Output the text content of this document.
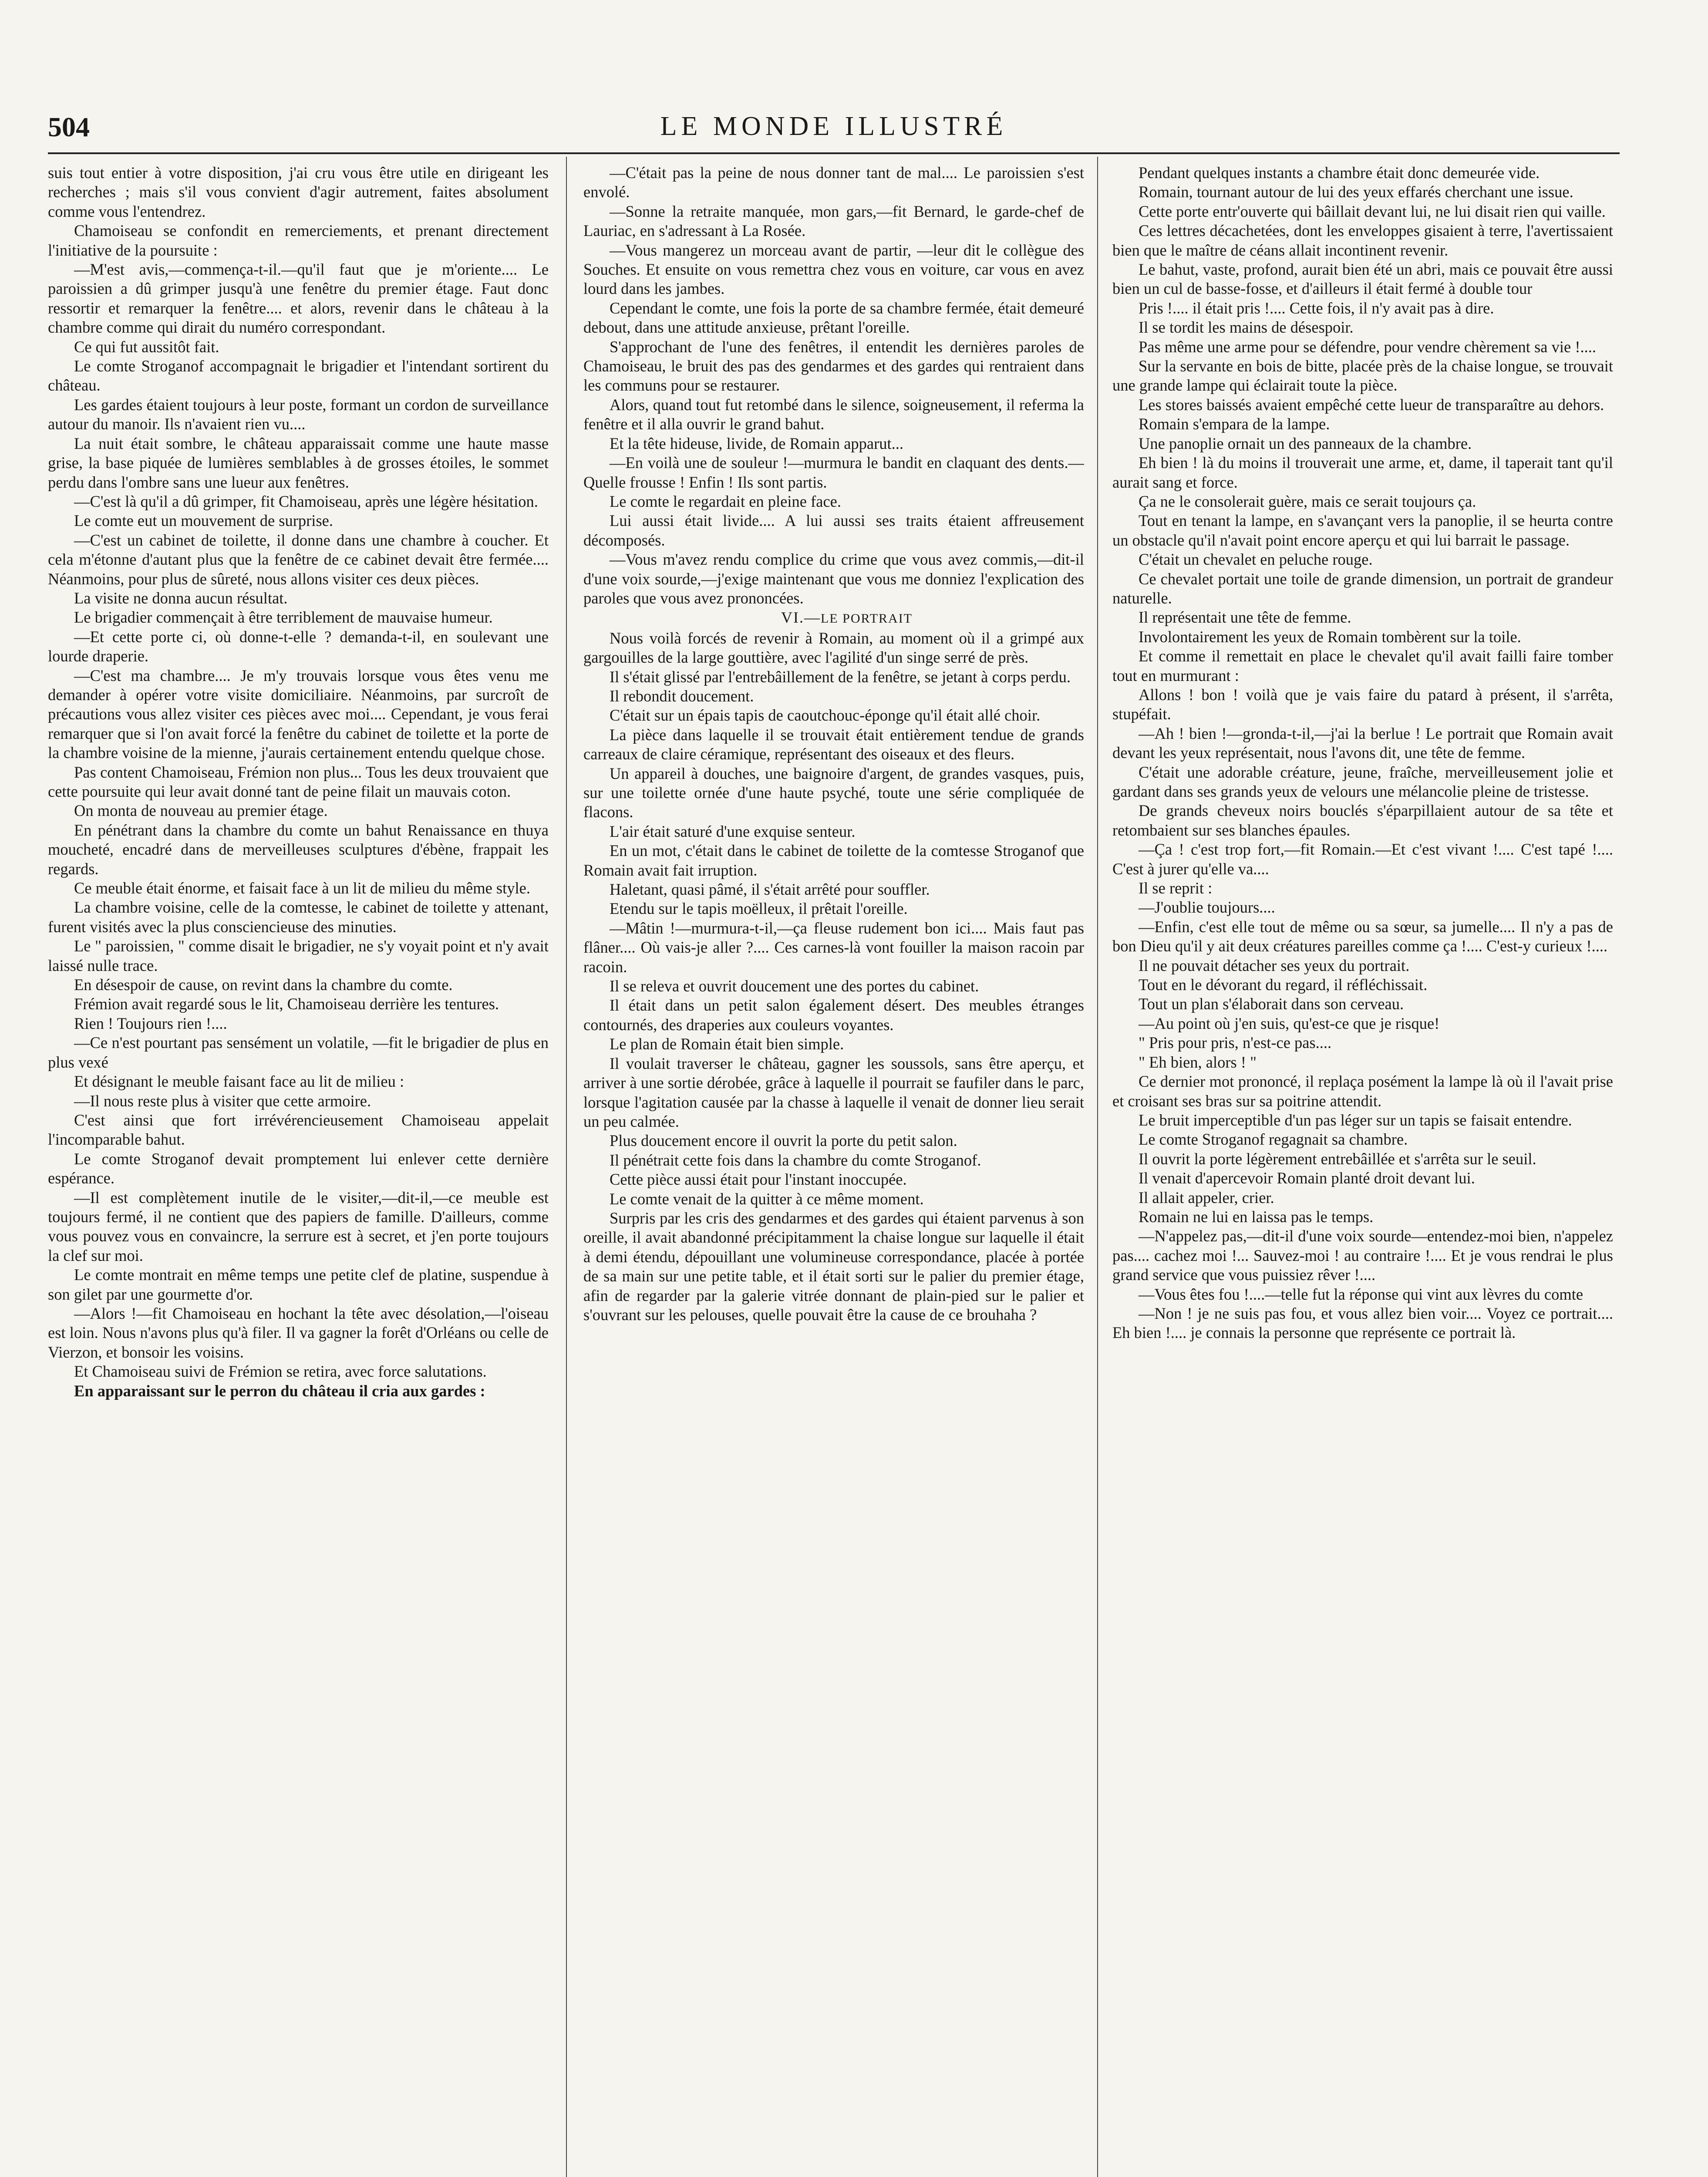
504	LE MONDE ILLUSTRÉ

suis tout entier à votre disposition, j'ai cru vous être utile en dirigeant les recherches ; mais s'il vous convient d'agir autrement, faites absolument comme vous l'entendrez.

Chamoiseau se confondit en remerciements, et prenant directement l'initiative de la poursuite :

—M'est avis,—commença-t-il.—qu'il faut que je m'oriente.... Le paroissien a dû grimper jusqu'à une fenêtre du premier étage. Faut donc ressortir et remarquer la fenêtre.... et alors, revenir dans le château à la chambre comme qui dirait du numéro correspondant.

Ce qui fut aussitôt fait.

Le comte Stroganof accompagnait le brigadier et l'intendant sortirent du château.

Les gardes étaient toujours à leur poste, formant un cordon de surveillance autour du manoir. Ils n'avaient rien vu....

La nuit était sombre, le château apparaissait comme une haute masse grise, la base piquée de lumières semblables à de grosses étoiles, le sommet perdu dans l'ombre sans une lueur aux fenêtres.

—C'est là qu'il a dû grimper, fit Chamoiseau, après une légère hésitation.

Le comte eut un mouvement de surprise.

—C'est un cabinet de toilette, il donne dans une chambre à coucher. Et cela m'étonne d'autant plus que la fenêtre de ce cabinet devait être fermée.... Néanmoins, pour plus de sûreté, nous allons visiter ces deux pièces.

La visite ne donna aucun résultat.

Le brigadier commençait à être terriblement de mauvaise humeur.

—Et cette porte ci, où donne-t-elle ? demanda-t-il, en soulevant une lourde draperie.

—C'est ma chambre.... Je m'y trouvais lorsque vous êtes venu me demander à opérer votre visite domiciliaire. Néanmoins, par surcroît de précautions vous allez visiter ces pièces avec moi.... Cependant, je vous ferai remarquer que si l'on avait forcé la fenêtre du cabinet de toilette et la porte de la chambre voisine de la mienne, j'aurais certainement entendu quelque chose.

Pas content Chamoiseau, Frémion non plus... Tous les deux trouvaient que cette poursuite qui leur avait donné tant de peine filait un mauvais coton.

On monta de nouveau au premier étage.

En pénétrant dans la chambre du comte un bahut Renaissance en thuya moucheté, encadré dans de merveilleuses sculptures d'ébène, frappait les regards.

Ce meuble était énorme, et faisait face à un lit de milieu du même style.

La chambre voisine, celle de la comtesse, le cabinet de toilette y attenant, furent visités avec la plus consciencieuse des minuties.

Le " paroissien, " comme disait le brigadier, ne s'y voyait point et n'y avait laissé nulle trace.

En désespoir de cause, on revint dans la chambre du comte.

Frémion avait regardé sous le lit, Chamoiseau derrière les tentures.

Rien ! Toujours rien !....

—Ce n'est pourtant pas sensément un volatile, —fit le brigadier de plus en plus vexé

Et désignant le meuble faisant face au lit de milieu :

—Il nous reste plus à visiter que cette armoire.

C'est ainsi que fort irrévérencieusement Chamoiseau appelait l'incomparable bahut.

Le comte Stroganof devait promptement lui enlever cette dernière espérance.

—Il est complètement inutile de le visiter,—dit-il,—ce meuble est toujours fermé, il ne contient que des papiers de famille. D'ailleurs, comme vous pouvez vous en convaincre, la serrure est à secret, et j'en porte toujours la clef sur moi.

Le comte montrait en même temps une petite clef de platine, suspendue à son gilet par une gourmette d'or.

—Alors !—fit Chamoiseau en hochant la tête avec désolation,—l'oiseau est loin. Nous n'avons plus qu'à filer. Il va gagner la forêt d'Orléans ou celle de Vierzon, et bonsoir les voisins.

Et Chamoiseau suivi de Frémion se retira, avec force salutations.

En apparaissant sur le perron du château il cria aux gardes :

—C'était pas la peine de nous donner tant de mal.... Le paroissien s'est envolé.

—Sonne la retraite manquée, mon gars,—fit Bernard, le garde-chef de Lauriac, en s'adressant à La Rosée.

—Vous mangerez un morceau avant de partir, —leur dit le collègue des Souches. Et ensuite on vous remettra chez vous en voiture, car vous en avez lourd dans les jambes.

Cependant le comte, une fois la porte de sa chambre fermée, était demeuré debout, dans une attitude anxieuse, prêtant l'oreille.

S'approchant de l'une des fenêtres, il entendit les dernières paroles de Chamoiseau, le bruit des pas des gendarmes et des gardes qui rentraient dans les communs pour se restaurer.

Alors, quand tout fut retombé dans le silence, soigneusement, il referma la fenêtre et il alla ouvrir le grand bahut.

Et la tête hideuse, livide, de Romain apparut...

—En voilà une de souleur !—murmura le bandit en claquant des dents.—Quelle frousse ! Enfin ! Ils sont partis.

Le comte le regardait en pleine face.

Lui aussi était livide.... A lui aussi ses traits étaient affreusement décomposés.

—Vous m'avez rendu complice du crime que vous avez commis,—dit-il d'une voix sourde,—j'exige maintenant que vous me donniez l'explication des paroles que vous avez prononcées.

VI.—LE PORTRAIT

Nous voilà forcés de revenir à Romain, au moment où il a grimpé aux gargouilles de la large gouttière, avec l'agilité d'un singe serré de près.

Il s'était glissé par l'entrebâillement de la fenêtre, se jetant à corps perdu.

Il rebondit doucement.

C'était sur un épais tapis de caoutchouc-éponge qu'il était allé choir.

La pièce dans laquelle il se trouvait était entièrement tendue de grands carreaux de claire céramique, représentant des oiseaux et des fleurs.

Un appareil à douches, une baignoire d'argent, de grandes vasques, puis, sur une toilette ornée d'une haute psyché, toute une série compliquée de flacons.

L'air était saturé d'une exquise senteur.

En un mot, c'était dans le cabinet de toilette de la comtesse Stroganof que Romain avait fait irruption.

Haletant, quasi pâmé, il s'était arrêté pour souffler.

Etendu sur le tapis moëlleux, il prêtait l'oreille.

—Mâtin !—murmura-t-il,—ça fleuse rudement bon ici.... Mais faut pas flâner.... Où vais-je aller ?.... Ces carnes-là vont fouiller la maison racoin par racoin.

Il se releva et ouvrit doucement une des portes du cabinet.

Il était dans un petit salon également désert. Des meubles étranges contournés, des draperies aux couleurs voyantes.

Le plan de Romain était bien simple.

Il voulait traverser le château, gagner les soussols, sans être aperçu, et arriver à une sortie dérobée, grâce à laquelle il pourrait se faufiler dans le parc, lorsque l'agitation causée par la chasse à laquelle il venait de donner lieu serait un peu calmée.

Plus doucement encore il ouvrit la porte du petit salon.

Il pénétrait cette fois dans la chambre du comte Stroganof.

Cette pièce aussi était pour l'instant inoccupée.

Le comte venait de la quitter à ce même moment.

Surpris par les cris des gendarmes et des gardes qui étaient parvenus à son oreille, il avait abandonné précipitamment la chaise longue sur laquelle il était à demi étendu, dépouillant une volumineuse correspondance, placée à portée de sa main sur une petite table, et il était sorti sur le palier du premier étage, afin de regarder par la galerie vitrée donnant de plain-pied sur le palier et s'ouvrant sur les pelouses, quelle pouvait être la cause de ce brouhaha ?

Pendant quelques instants a chambre était donc demeurée vide.

Romain, tournant autour de lui des yeux effarés cherchant une issue.

Cette porte entr'ouverte qui bâillait devant lui, ne lui disait rien qui vaille.

Ces lettres décachetées, dont les enveloppes gisaient à terre, l'avertissaient bien que le maître de céans allait incontinent revenir.

Le bahut, vaste, profond, aurait bien été un abri, mais ce pouvait être aussi bien un cul de basse-fosse, et d'ailleurs il était fermé à double tour

Pris !.... il était pris !.... Cette fois, il n'y avait pas à dire.

Il se tordit les mains de désespoir.

Pas même une arme pour se défendre, pour vendre chèrement sa vie !....

Sur la servante en bois de bitte, placée près de la chaise longue, se trouvait une grande lampe qui éclairait toute la pièce.

Les stores baissés avaient empêché cette lueur de transparaître au dehors.

Romain s'empara de la lampe.

Une panoplie ornait un des panneaux de la chambre.

Eh bien ! là du moins il trouverait une arme, et, dame, il taperait tant qu'il aurait sang et force.

Ça ne le consolerait guère, mais ce serait toujours ça.

Tout en tenant la lampe, en s'avançant vers la panoplie, il se heurta contre un obstacle qu'il n'avait point encore aperçu et qui lui barrait le passage.

C'était un chevalet en peluche rouge.

Ce chevalet portait une toile de grande dimension, un portrait de grandeur naturelle.

Il représentait une tête de femme.

Involontairement les yeux de Romain tombèrent sur la toile.

Et comme il remettait en place le chevalet qu'il avait failli faire tomber tout en murmurant :

Allons ! bon ! voilà que je vais faire du patard à présent, il s'arrêta, stupéfait.

—Ah ! bien !—gronda-t-il,—j'ai la berlue ! Le portrait que Romain avait devant les yeux représentait, nous l'avons dit, une tête de femme.

C'était une adorable créature, jeune, fraîche, merveilleusement jolie et gardant dans ses grands yeux de velours une mélancolie pleine de tristesse.

De grands cheveux noirs bouclés s'éparpillaient autour de sa tête et retombaient sur ses blanches épaules.

—Ça ! c'est trop fort,—fit Romain.—Et c'est vivant !.... C'est tapé !.... C'est à jurer qu'elle va....

Il se reprit :

—J'oublie toujours....

—Enfin, c'est elle tout de même ou sa sœur, sa jumelle.... Il n'y a pas de bon Dieu qu'il y ait deux créatures pareilles comme ça !.... C'est-y curieux !....

Il ne pouvait détacher ses yeux du portrait.

Tout en le dévorant du regard, il réfléchissait.

Tout un plan s'élaborait dans son cerveau.

—Au point où j'en suis, qu'est-ce que je risque!

" Pris pour pris, n'est-ce pas....

" Eh bien, alors ! "

Ce dernier mot prononcé, il replaça posément la lampe là où il l'avait prise et croisant ses bras sur sa poitrine attendit.

Le bruit imperceptible d'un pas léger sur un tapis se faisait entendre.

Le comte Stroganof regagnait sa chambre.

Il ouvrit la porte légèrement entrebâillée et s'arrêta sur le seuil.

Il venait d'apercevoir Romain planté droit devant lui.

Il allait appeler, crier.

Romain ne lui en laissa pas le temps.

—N'appelez pas,—dit-il d'une voix sourde—entendez-moi bien, n'appelez pas.... cachez moi !... Sauvez-moi ! au contraire !.... Et je vous rendrai le plus grand service que vous puissiez rêver !....

—Vous êtes fou !....—telle fut la réponse qui vint aux lèvres du comte

—Non ! je ne suis pas fou, et vous allez bien voir.... Voyez ce portrait.... Eh bien !.... je connais la personne que représente ce portrait là.
